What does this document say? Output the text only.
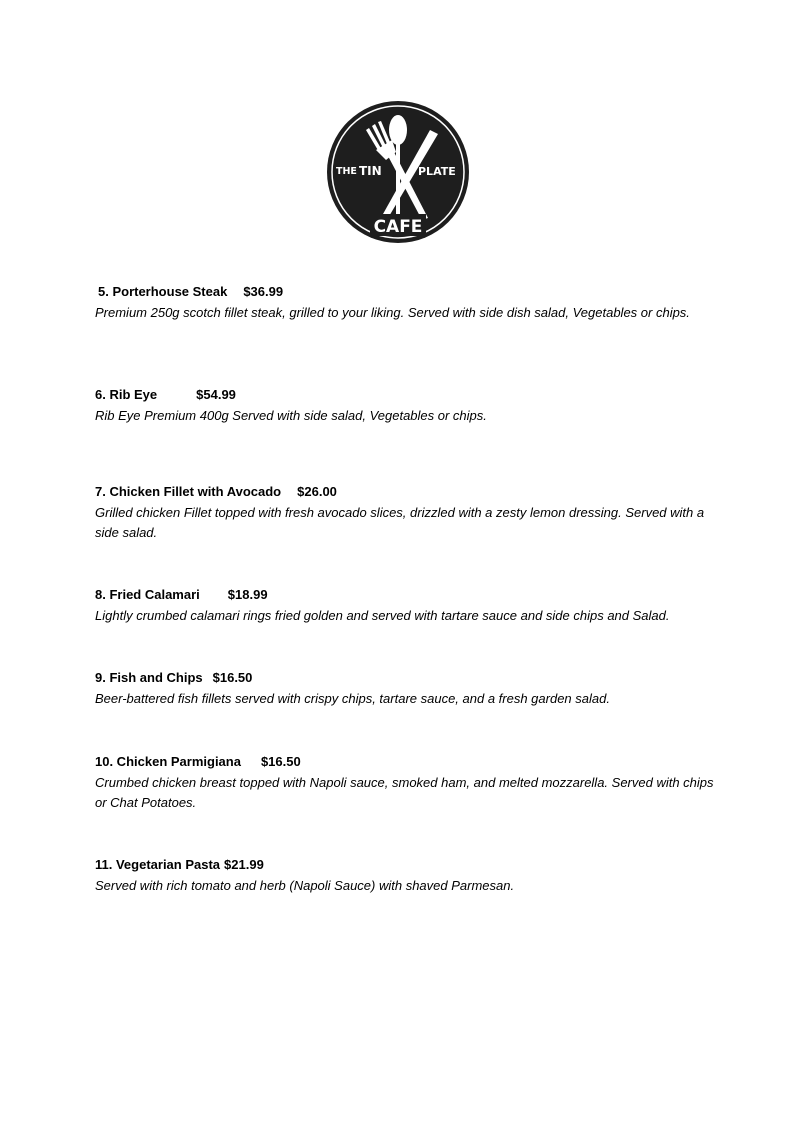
THE TIN	PLATE
CAFE
5. Porterhouse Steak $36.99
Premium 250g scotch fillet steak, grilled to your liking. Served with side dish salad, Vegetables or chips.
6. Rib Eye	$54.99
Rib Eye Premium 400g Served with side salad, Vegetables or chips.
7. Chicken Fillet with Avocado $26.00
Grilled chicken Fillet topped with fresh avocado slices, drizzled with a zesty lemon dressing. Served with a side salad.
8. Fried Calamari $18.99
Lightly crumbed calamari rings fried golden and served with tartare sauce and side chips and Salad.
9. Fish and Chips $16.50
Beer-battered fish fillets served with crispy chips, tartare sauce, and a fresh garden salad.
10. Chicken Parmigiana $16.50
Crumbed chicken breast topped with Napoli sauce, smoked ham, and melted mozzarella. Served with chips or Chat Potatoes.
11. Vegetarian Pasta $21.99
Served with rich tomato and herb (Napoli Sauce) with shaved Parmesan.
